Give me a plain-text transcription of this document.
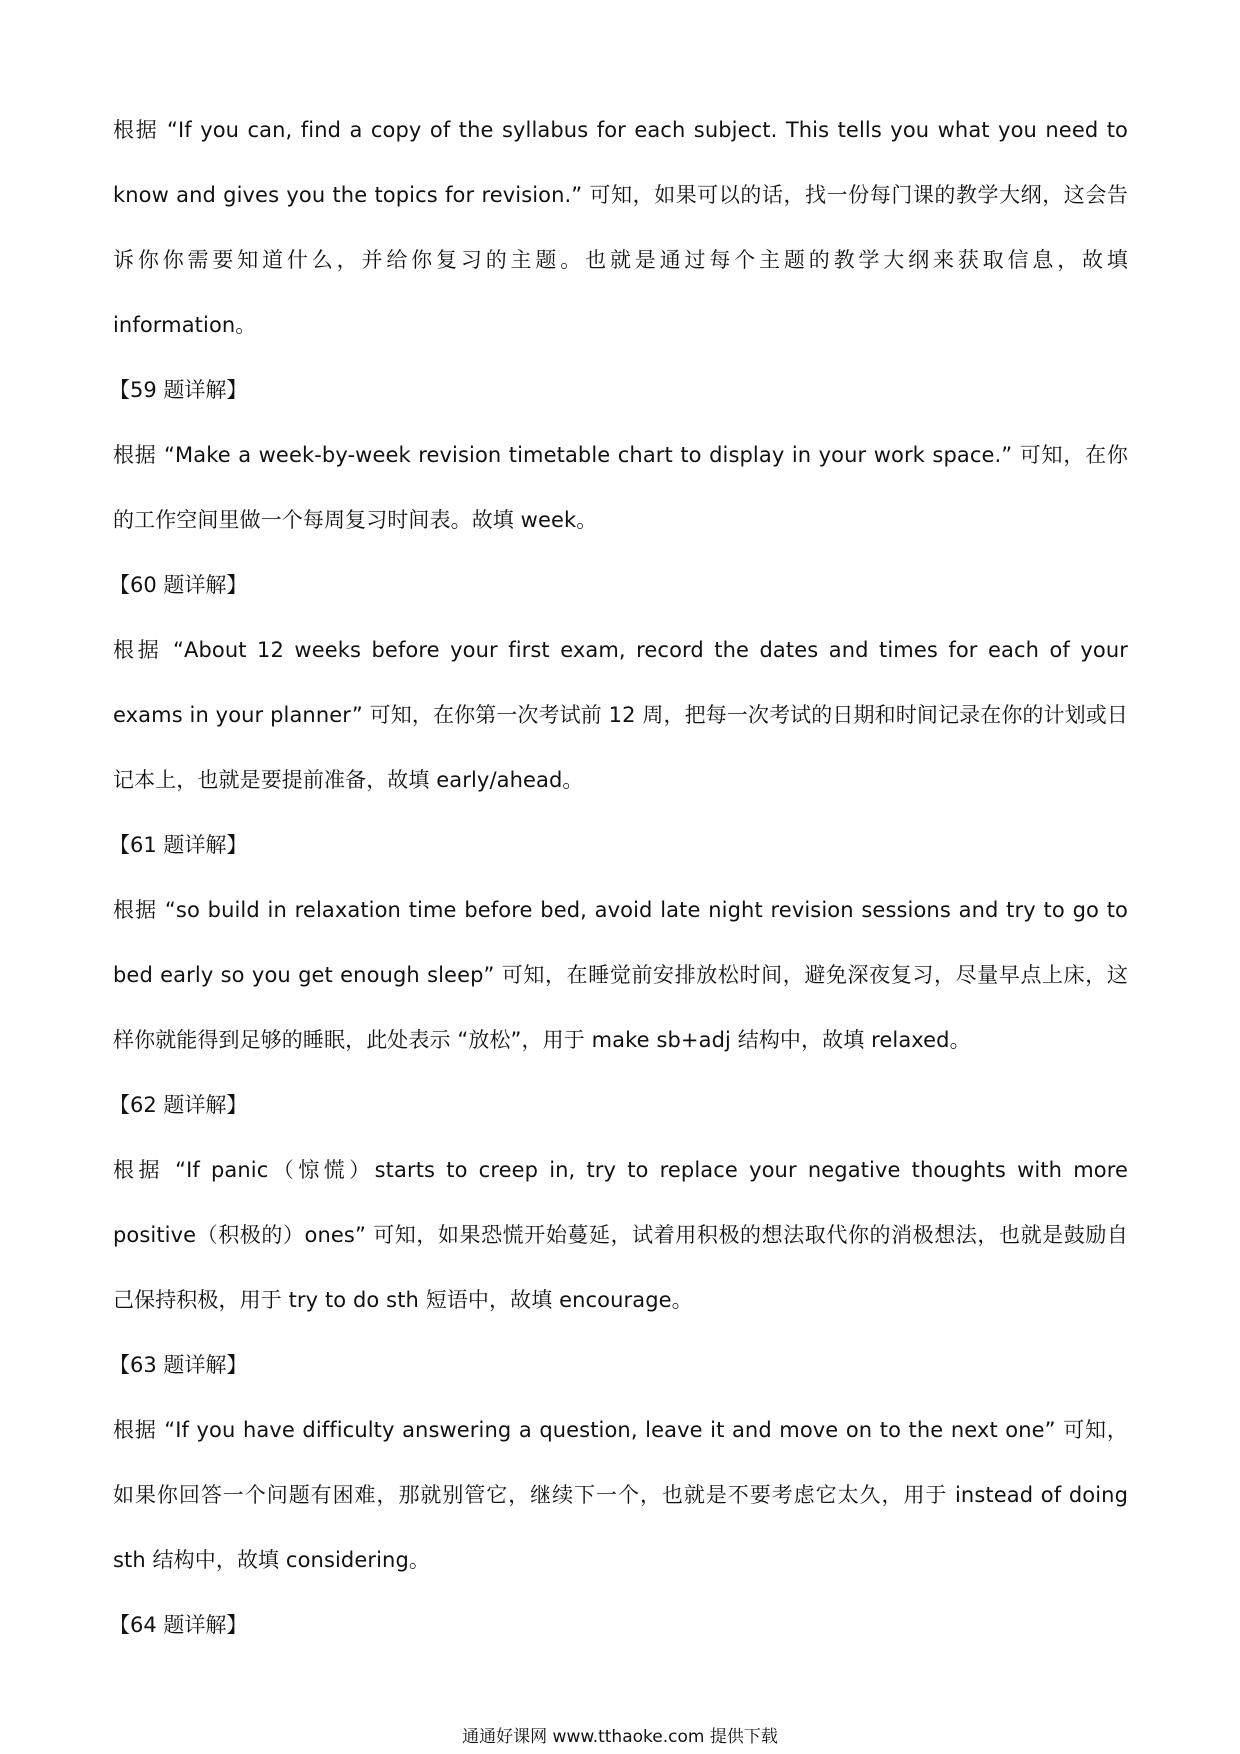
根据 “If you can, find a copy of the syllabus for each subject. This tells you what you need to know and gives you the topics for revision.” 可知，如果可以的话，找一份每门课的教学大纲，这会告诉你你需要知道什么，并给你复习的主题。也就是通过每个主题的教学大纲来获取信息，故填 information。

【59 题详解】

根据 “Make a week-by-week revision timetable chart to display in your work space.” 可知，在你的工作空间里做一个每周复习时间表。故填 week。

【60 题详解】

根据 “About 12 weeks before your first exam, record the dates and times for each of your exams in your planner” 可知，在你第一次考试前 12 周，把每一次考试的日期和时间记录在你的计划或日记本上，也就是要提前准备，故填 early/ahead。

【61 题详解】

根据 “so build in relaxation time before bed, avoid late night revision sessions and try to go to bed early so you get enough sleep” 可知，在睡觉前安排放松时间，避免深夜复习，尽量早点上床，这样你就能得到足够的睡眠，此处表示 “放松”，用于 make sb+adj 结构中，故填 relaxed。

【62 题详解】

根据 “If panic（惊慌）starts to creep in, try to replace your negative thoughts with more positive（积极的）ones” 可知，如果恐慌开始蔓延，试着用积极的想法取代你的消极想法，也就是鼓励自己保持积极，用于 try to do sth 短语中，故填 encourage。

【63 题详解】

根据 “If you have difficulty answering a question, leave it and move on to the next one” 可知，如果你回答一个问题有困难，那就别管它，继续下一个，也就是不要考虑它太久，用于 instead of doing sth 结构中，故填 considering。

【64 题详解】

通通好课网 www.tthaoke.com 提供下载
